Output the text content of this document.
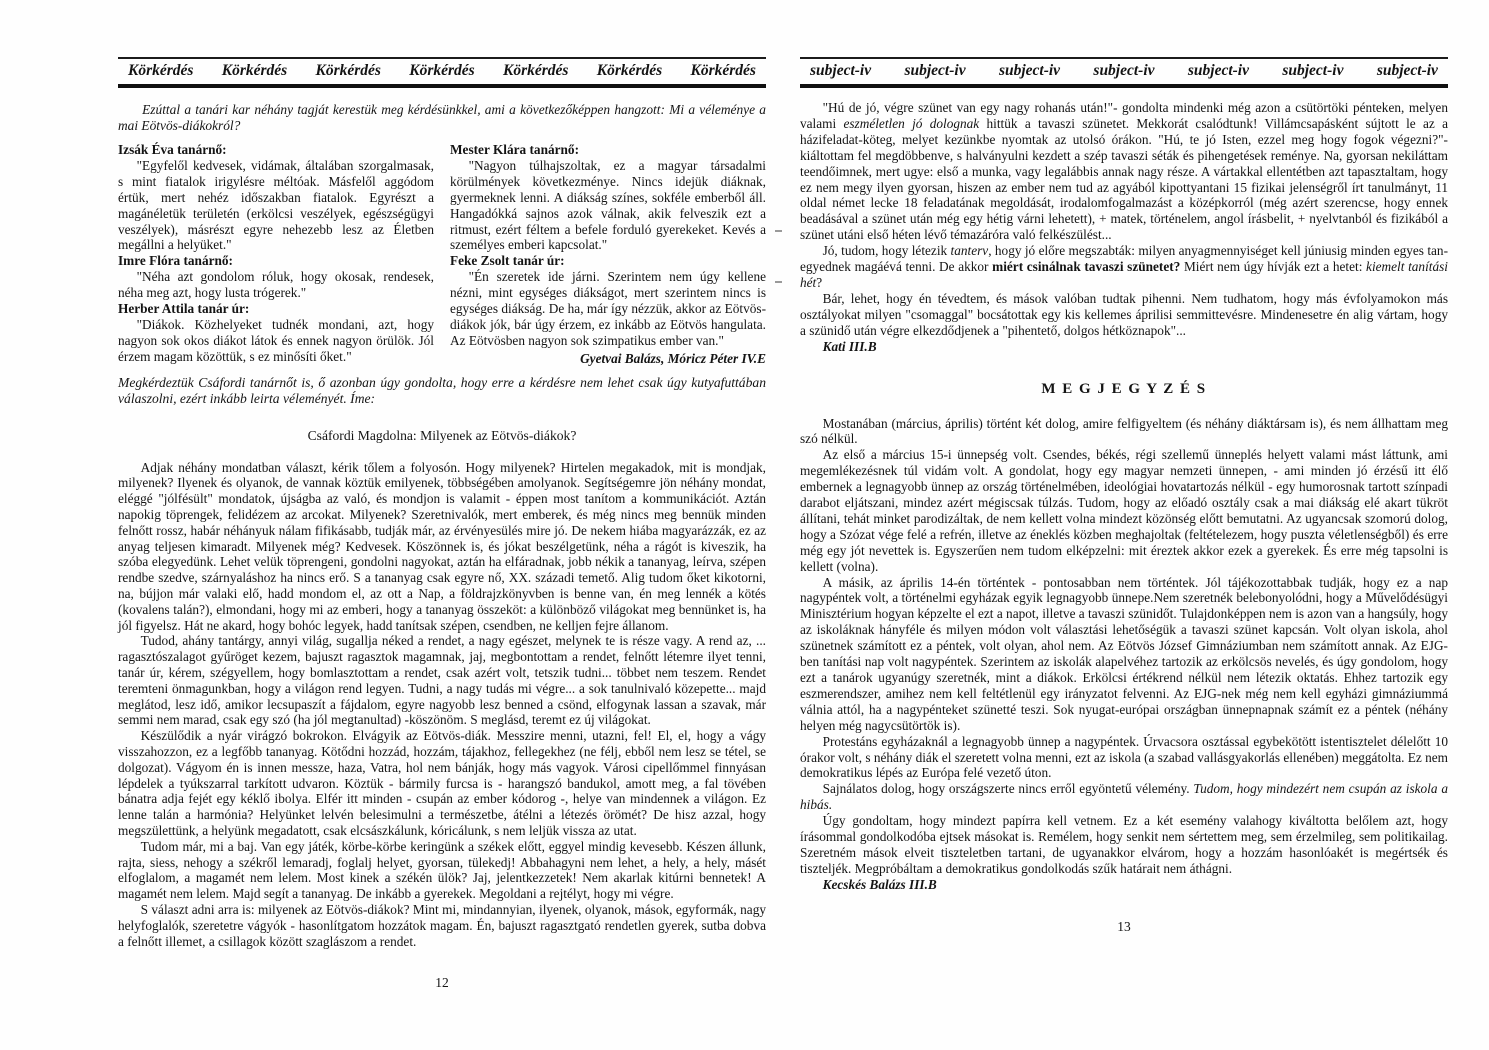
Körkérdés Körkérdés Körkérdés Körkérdés Körkérdés Körkérdés Körkérdés

Ezúttal a tanári kar néhány tagját kerestük meg kérdésünkkel, ami a következőképpen hangzott: Mi a véleménye a mai Eötvös-diákokról?

Izsák Éva tanárnő:

"Egyfelől kedvesek, vidámak, általában szorgalmasak, s mint fiatalok irigylésre méltóak. Másfelől aggódom értük, mert nehéz időszakban fiatalok. Egyrészt a magánéletük területén (erkölcsi veszélyek, egészségügyi veszélyek), másrészt egyre nehezebb lesz az Életben megállni a helyüket."

Imre Flóra tanárnő:

"Néha azt gondolom róluk, hogy okosak, rendesek, néha meg azt, hogy lusta trógerek."

Herber Attila tanár úr:

"Diákok. Közhelyeket tudnék mondani, azt, hogy nagyon sok okos diákot látok és ennek nagyon örülök. Jól érzem magam közöttük, s ez minősíti őket."

Mester Klára tanárnő:

"Nagyon túlhajszoltak, ez a magyar társadalmi körülmények következménye. Nincs idejük diáknak, gyermeknek lenni. A diákság színes, sokféle emberből áll. Hangadókká sajnos azok válnak, akik felveszik ezt a ritmust, ezért féltem a befele forduló gyerekeket. Kevés a személyes emberi kapcsolat."

Feke Zsolt tanár úr:

"Én szeretek ide járni. Szerintem nem úgy kellene nézni, mint egységes diákságot, mert szerintem nincs is egységes diákság. De ha, már így nézzük, akkor az Eötvös-diákok jók, bár úgy érzem, ez inkább az Eötvös hangulata. Az Eötvösben nagyon sok szimpatikus ember van."

Gyetvai Balázs, Móricz Péter IV.E

Megkérdeztük Csáfordi tanárnőt is, ő azonban úgy gondolta, hogy erre a kérdésre nem lehet csak úgy kutyafuttában válaszolni, ezért inkább leirta véleményét. Íme:

Csáfordi Magdolna: Milyenek az Eötvös-diákok?

Adjak néhány mondatban választ, kérik tőlem a folyosón. Hogy milyenek? Hirtelen megakadok, mit is mondjak, milyenek? Ilyenek és olyanok, de vannak köztük emilyenek, többségében amolyanok. Segítségemre jön néhány mondat, eléggé "jólfésült" mondatok, újságba az való, és mondjon is valamit - éppen most tanítom a kommunikációt. Aztán napokig töprengek, felidézem az arcokat. Milyenek? Szeretnivalók, mert emberek, és még nincs meg bennük minden felnőtt rossz, habár néhányuk nálam fifikásabb, tudják már, az érvényesülés mire jó. De nekem hiába magyarázzák, ez az anyag teljesen kimaradt. Milyenek még? Kedvesek. Köszönnek is, és jókat beszélgetünk, néha a rágót is kiveszik, ha szóba elegyedünk. Lehet velük töprengeni, gondolni nagyokat, aztán ha elfáradnak, jobb nékik a tananyag, leírva, szépen rendbe szedve, szárnyaláshoz ha nincs erő. S a tananyag csak egyre nő, XX. századi temető. Alig tudom őket kikotorni, na, bújjon már valaki elő, hadd mondom el, az ott a Nap, a földrajzkönyvben is benne van, én meg lennék a kötés (kovalens talán?), elmondani, hogy mi az emberi, hogy a tananyag összeköt: a különböző világokat meg bennünket is, ha jól figyelsz. Hát ne akard, hogy bohóc legyek, hadd tanítsak szépen, csendben, ne kelljen fejre állanom.

Tudod, ahány tantárgy, annyi világ, sugallja néked a rendet, a nagy egészet, melynek te is része vagy. A rend az, ... ragasztószalagot gyűröget kezem, bajuszt ragasztok magamnak, jaj, megbontottam a rendet, felnőtt létemre ilyet tenni, tanár úr, kérem, szégyellem, hogy bomlasztottam a rendet, csak azért volt, tetszik tudni... többet nem teszem. Rendet teremteni önmagunkban, hogy a világon rend legyen. Tudni, a nagy tudás mi végre... a sok tanulnivaló közepette... majd meglátod, lesz idő, amikor lecsupaszít a fájdalom, egyre nagyobb lesz benned a csönd, elfogynak lassan a szavak, már semmi nem marad, csak egy szó (ha jól megtanultad) -köszönöm. S meglásd, teremt ez új világokat.

Készülődik a nyár virágzó bokrokon. Elvágyik az Eötvös-diák. Messzire menni, utazni, fel! El, el, hogy a vágy visszahozzon, ez a legfőbb tananyag. Kötődni hozzád, hozzám, tájakhoz, fellegekhez (ne félj, ebből nem lesz se tétel, se dolgozat). Vágyom én is innen messze, haza, Vatra, hol nem bánják, hogy más vagyok. Városi cipellőmmel finnyásan lépdelek a tyúkszarral tarkított udvaron. Köztük - bármily furcsa is - harangszó bandukol, amott meg, a fal tövében bánatra adja fejét egy kéklő ibolya. Elfér itt minden - csupán az ember kódorog -, helye van mindennek a világon. Ez lenne talán a harmónia? Helyünket lelvén belesimulni a természetbe, átélni a létezés örömét? De hisz azzal, hogy megszülettünk, a helyünk megadatott, csak elcsászkálunk, kóricálunk, s nem leljük vissza az utat.

Tudom már, mi a baj. Van egy játék, körbe-körbe keringünk a székek előtt, eggyel mindig kevesebb. Készen állunk, rajta, siess, nehogy a székről lemaradj, foglalj helyet, gyorsan, tülekedj! Abbahagyni nem lehet, a hely, a hely, másét elfoglalom, a magamét nem lelem. Most kinek a székén ülök? Jaj, jelentkezzetek! Nem akarlak kitúrni bennetek! A magamét nem lelem. Majd segít a tananyag. De inkább a gyerekek. Megoldani a rejtélyt, hogy mi végre.

S választ adni arra is: milyenek az Eötvös-diákok? Mint mi, mindannyian, ilyenek, olyanok, mások, egyformák, nagy helyfoglalók, szeretetre vágyók - hasonlítgatom hozzátok magam. Én, bajuszt ragasztgató rendetlen gyerek, sutba dobva a felnőtt illemet, a csillagok között szaglászom a rendet.

12

subject-iv subject-iv subject-iv subject-iv subject-iv subject-iv subject-iv

"Hú de jó, végre szünet van egy nagy rohanás után!"- gondolta mindenki még azon a csütörtöki pénteken, melyen valami eszméletlen jó dolognak hittük a tavaszi szünetet. Mekkorát csalódtunk! Villámcsapásként sújtott le az a házifeladat-köteg, melyet kezünkbe nyomtak az utolsó órákon. "Hú, te jó Isten, ezzel meg hogy fogok végezni?"- kiáltottam fel megdöbbenve, s halványulni kezdett a szép tavaszi séták és pihengetések reménye. Na, gyorsan nekiláttam teendőimnek, mert ugye: első a munka, vagy legalábbis annak nagy része. A vártakkal ellentétben azt tapasztaltam, hogy ez nem megy ilyen gyorsan, hiszen az ember nem tud az agyából kipottyantani 15 fizikai jelenségről írt tanulmányt, 11 oldal német lecke 18 feladatának megoldását, irodalomfogalmazást a középkorról (még azért szerencse, hogy ennek beadásával a szünet után még egy hétig várni lehetett), + matek, történelem, angol írásbelit, + nyelvtanból és fizikából a szünet utáni első héten lévő témazáróra való felkészülést...

Jó, tudom, hogy létezik tanterv, hogy jó előre megszabták: milyen anyagmennyiséget kell júniusig minden egyes tan-egyednek magáévá tenni. De akkor miért csinálnak tavaszi szünetet? Miért nem úgy hívják ezt a hetet: kiemelt tanítási hét?

Bár, lehet, hogy én tévedtem, és mások valóban tudtak pihenni. Nem tudhatom, hogy más évfolyamokon más osztályokat milyen "csomaggal" bocsátottak egy kis kellemes áprilisi semmittevésre. Mindenesetre én alig vártam, hogy a szünidő után végre elkezdődjenek a "pihentető, dolgos hétköznapok"...

Kati III.B

M E G J E G Y Z É S

Mostanában (március, április) történt két dolog, amire felfigyeltem (és néhány diáktársam is), és nem állhattam meg szó nélkül.

Az első a március 15-i ünnepség volt. Csendes, békés, régi szellemű ünneplés helyett valami mást láttunk, ami megemlékezésnek túl vidám volt. A gondolat, hogy egy magyar nemzeti ünnepen, - ami minden jó érzésű itt élő embernek a legnagyobb ünnep az ország történelmében, ideológiai hovatartozás nélkül - egy humorosnak tartott színpadi darabot eljátszani, mindez azért mégiscsak túlzás. Tudom, hogy az előadó osztály csak a mai diákság elé akart tükröt állítani, tehát minket parodizáltak, de nem kellett volna mindezt közönség előtt bemutatni. Az ugyancsak szomorú dolog, hogy a Szózat vége felé a refrén, illetve az éneklés közben meghajoltak (feltételezem, hogy puszta véletlenségből) és erre még egy jót nevettek is. Egyszerűen nem tudom elképzelni: mit éreztek akkor ezek a gyerekek. És erre még tapsolni is kellett (volna).

A másik, az április 14-én történtek - pontosabban nem történtek. Jól tájékozottabbak tudják, hogy ez a nap nagypéntek volt, a történelmi egyházak egyik legnagyobb ünnepe.Nem szeretnék belebonyolódni, hogy a Művelődésügyi Minisztérium hogyan képzelte el ezt a napot, illetve a tavaszi szünidőt. Tulajdonképpen nem is azon van a hangsúly, hogy az iskoláknak hányféle és milyen módon volt választási lehetőségük a tavaszi szünet kapcsán. Volt olyan iskola, ahol szünetnek számított ez a péntek, volt olyan, ahol nem. Az Eötvös József Gimnáziumban nem számított annak. Az EJG-ben tanítási nap volt nagypéntek. Szerintem az iskolák alapelvéhez tartozik az erkölcsös nevelés, és úgy gondolom, hogy ezt a tanárok ugyanúgy szeretnék, mint a diákok. Erkölcsi értékrend nélkül nem létezik oktatás. Ehhez tartozik egy eszmerendszer, amihez nem kell feltétlenül egy irányzatot felvenni. Az EJG-nek még nem kell egyházi gimnáziummá válnia attól, ha a nagypénteket szünetté teszi. Sok nyugat-európai országban ünnepnapnak számít ez a péntek (néhány helyen még nagycsütörtök is).

Protestáns egyházaknál a legnagyobb ünnep a nagypéntek. Úrvacsora osztással egybekötött istentisztelet délelőtt 10 órakor volt, s néhány diák el szeretett volna menni, ezt az iskola (a szabad vallásgyakorlás ellenében) meggátolta. Ez nem demokratikus lépés az Európa felé vezető úton.

Sajnálatos dolog, hogy országszerte nincs erről egyöntetű vélemény. Tudom, hogy mindezért nem csupán az iskola a hibás.

Úgy gondoltam, hogy mindezt papírra kell vetnem. Ez a két esemény valahogy kiváltotta belőlem azt, hogy írásommal gondolkodóba ejtsek másokat is. Remélem, hogy senkit nem sértettem meg, sem érzelmileg, sem politikailag. Szeretném mások elveit tiszteletben tartani, de ugyanakkor elvárom, hogy a hozzám hasonlóakét is megértsék és tiszteljék. Megpróbáltam a demokratikus gondolkodás szűk határait nem áthágni.

Kecskés Balázs III.B

13
